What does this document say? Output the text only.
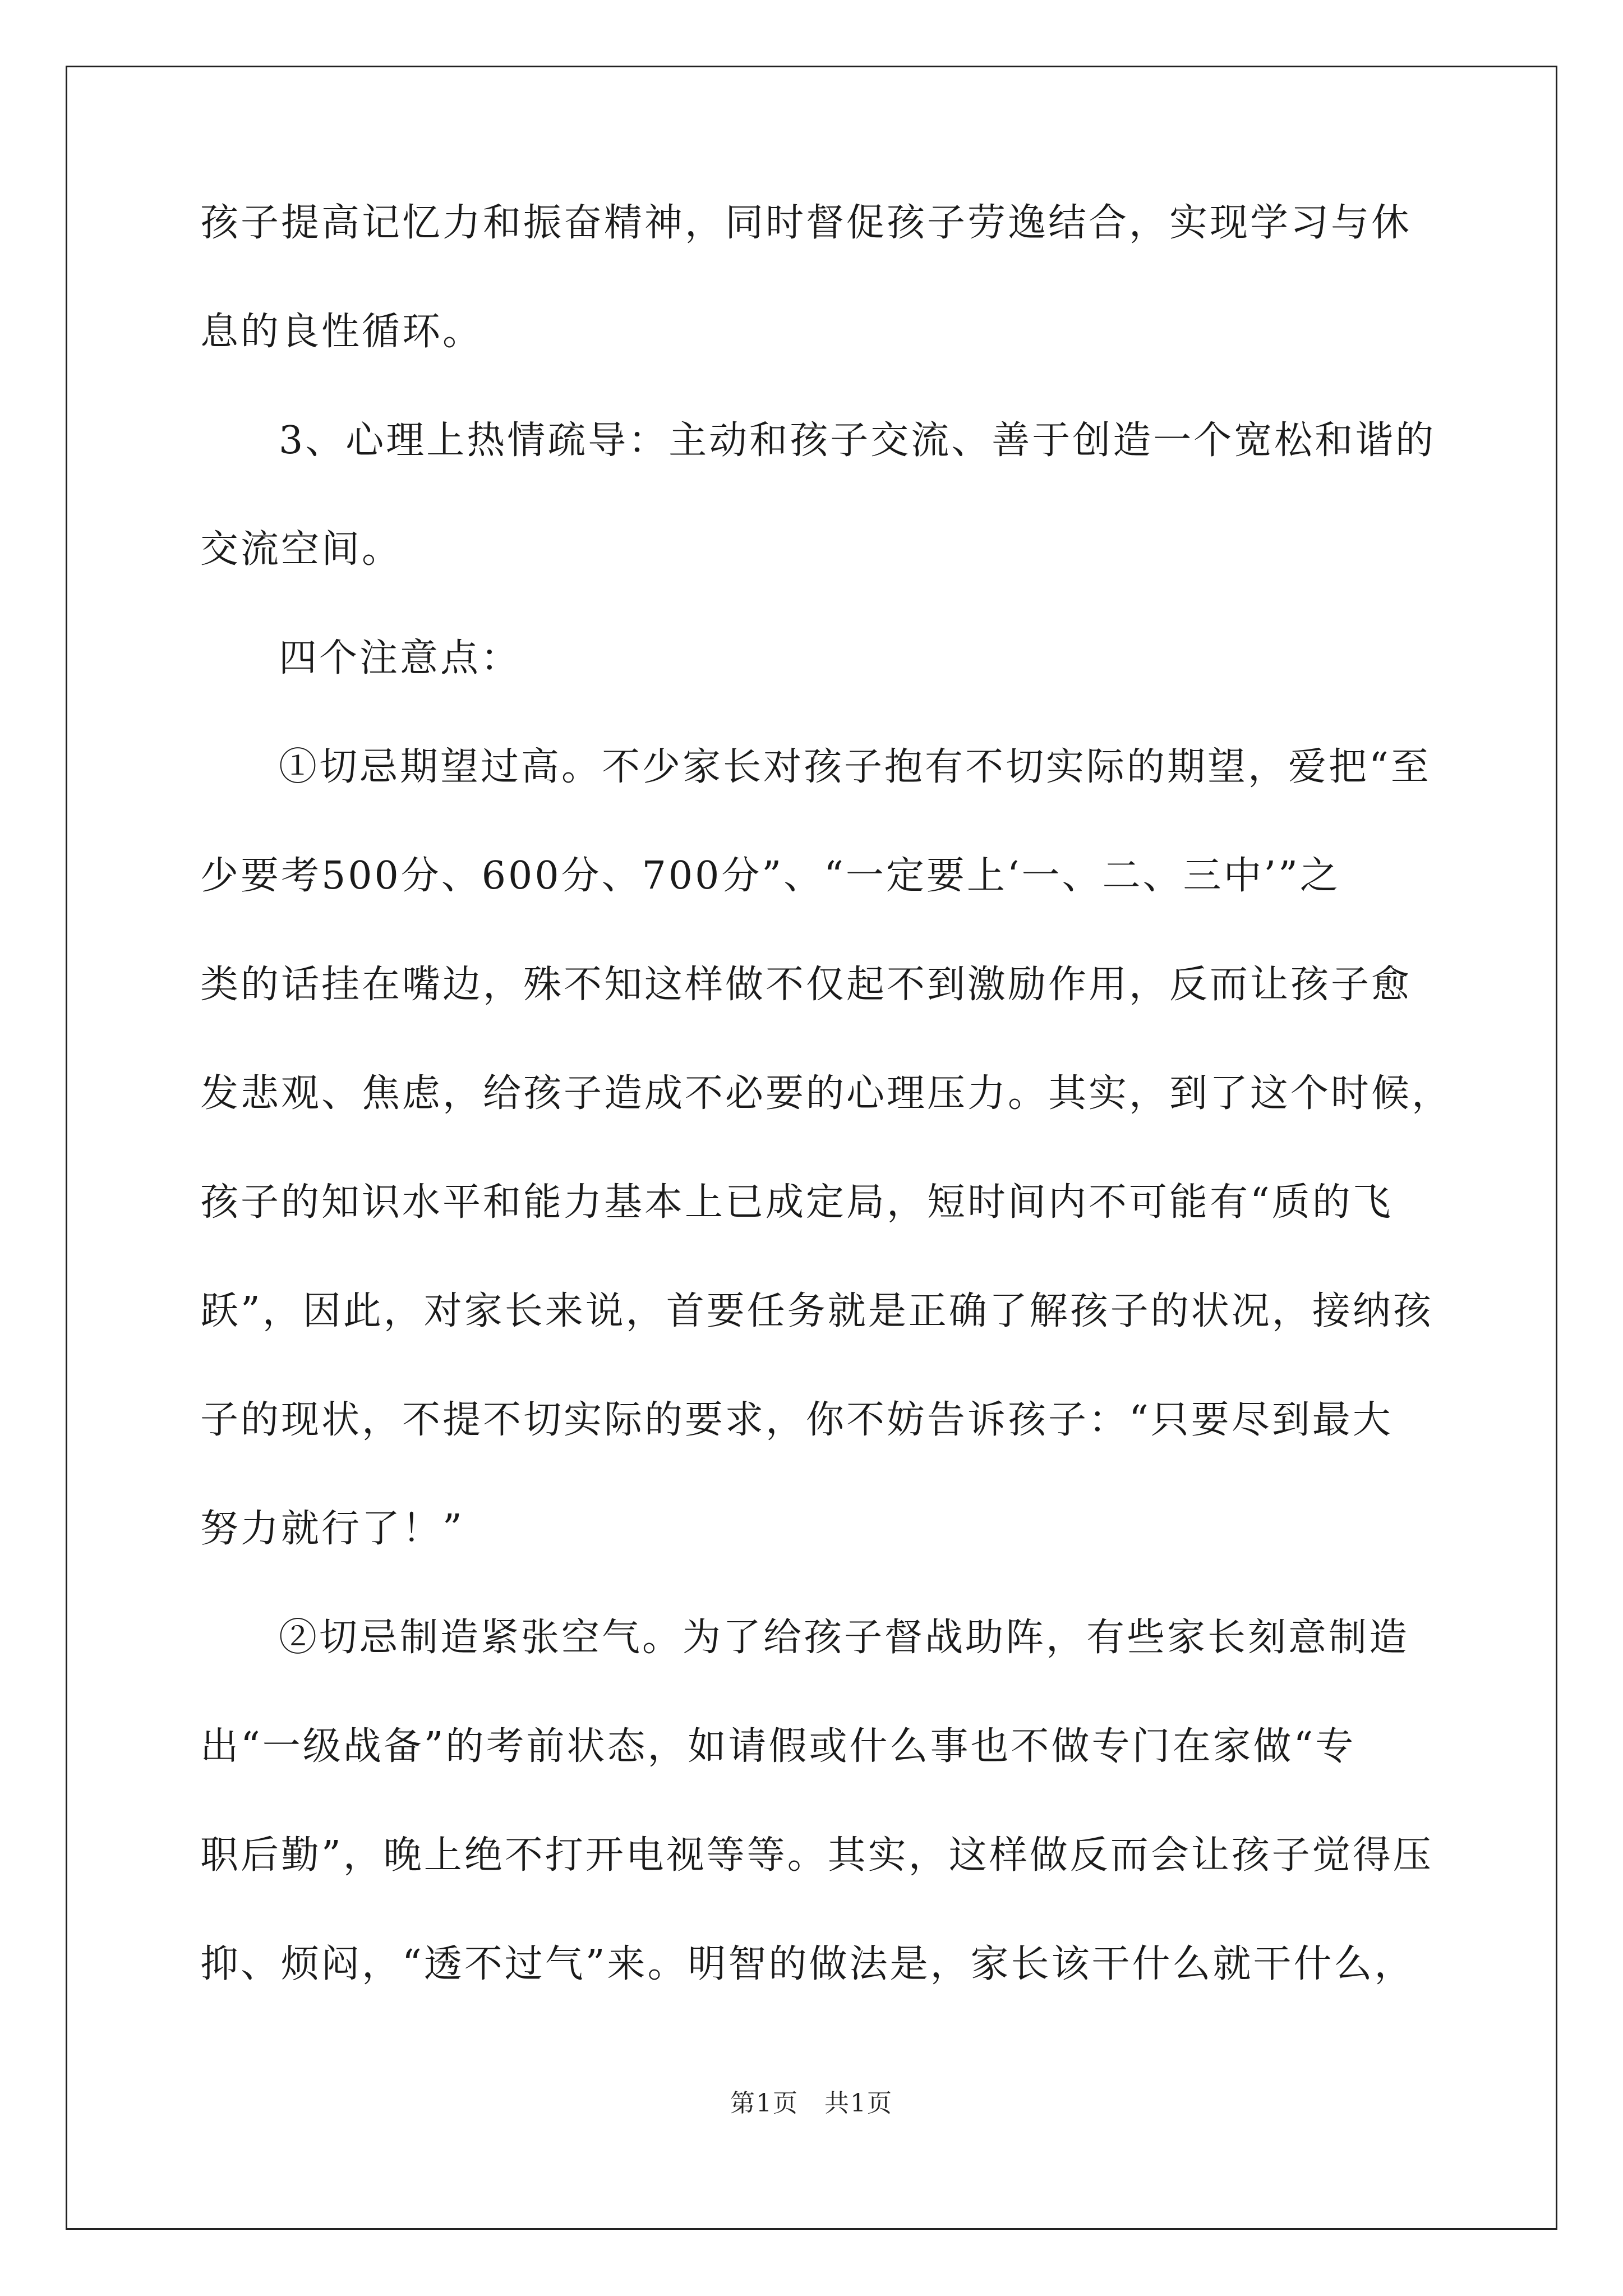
孩子提高记忆力和振奋精神，同时督促孩子劳逸结合，实现学习与休

息的良性循环。

3、心理上热情疏导：主动和孩子交流、善于创造一个宽松和谐的

交流空间。

四个注意点：

①切忌期望过高。不少家长对孩子抱有不切实际的期望，爱把“至

少要考500分、600分、700分”、“一定要上‘一、二、三中’”之

类的话挂在嘴边，殊不知这样做不仅起不到激励作用，反而让孩子愈

发悲观、焦虑，给孩子造成不必要的心理压力。其实，到了这个时候，

孩子的知识水平和能力基本上已成定局，短时间内不可能有“质的飞

跃”，因此，对家长来说，首要任务就是正确了解孩子的状况，接纳孩

子的现状，不提不切实际的要求，你不妨告诉孩子：“只要尽到最大

努力就行了！”

②切忌制造紧张空气。为了给孩子督战助阵，有些家长刻意制造

出“一级战备”的考前状态，如请假或什么事也不做专门在家做“专

职后勤”，晚上绝不打开电视等等。其实，这样做反而会让孩子觉得压

抑、烦闷，“透不过气”来。明智的做法是，家长该干什么就干什么，

第1页　共1页
